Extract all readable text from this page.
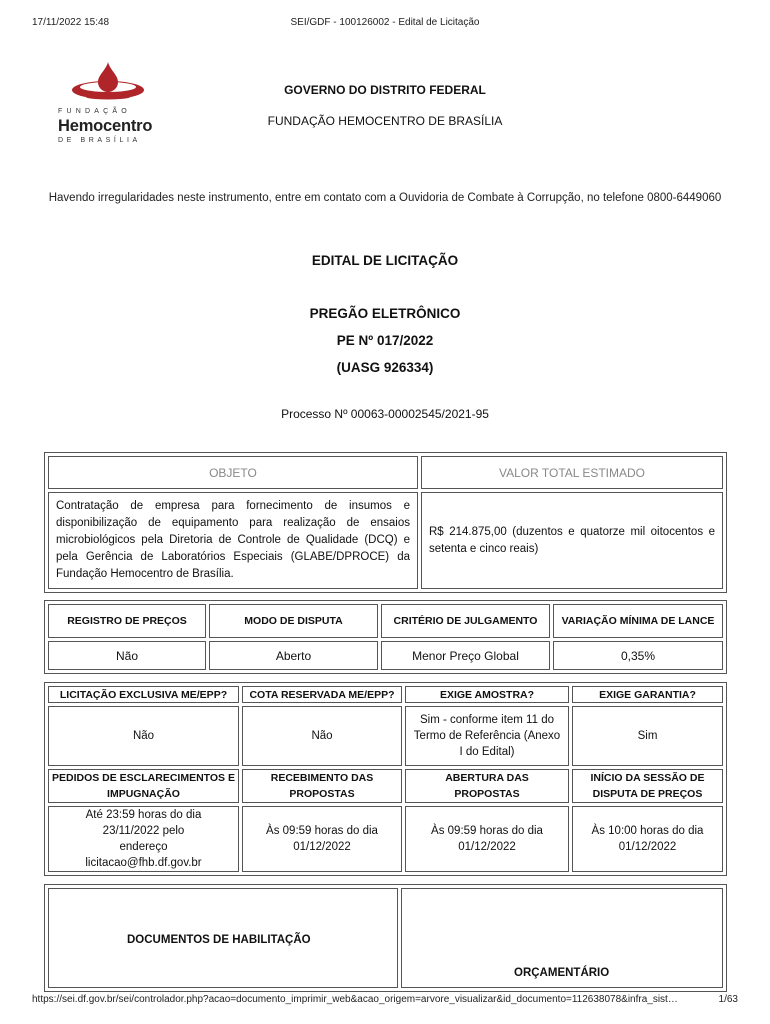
17/11/2022 15:48	SEI/GDF - 100126002 - Edital de Licitação
FUNDAÇÃO
Hemocentro
DE BRASÍLIA
GOVERNO DO DISTRITO FEDERAL
FUNDAÇÃO HEMOCENTRO DE BRASÍLIA
Havendo irregularidades neste instrumento, entre em contato com a Ouvidoria de Combate à Corrupção, no telefone 0800-6449060
EDITAL DE LICITAÇÃO
PREGÃO ELETRÔNICO
PE Nº 017/2022
(UASG 926334)
Processo Nº 00063-00002545/2021-95
OBJETO	VALOR TOTAL ESTIMADO
Contratação de empresa para fornecimento de insumos e disponibilização de equipamento para realização de ensaios microbiológicos pela Diretoria de Controle de Qualidade (DCQ) e pela Gerência de Laboratórios Especiais (GLABE/DPROCE) da Fundação Hemocentro de Brasília.	R$ 214.875,00 (duzentos e quatorze mil oitocentos e setenta e cinco reais)
REGISTRO DE PREÇOS	MODO DE DISPUTA	CRITÉRIO DE JULGAMENTO	VARIAÇÃO MÍNIMA DE LANCE
Não	Aberto	Menor Preço Global	0,35%
LICITAÇÃO EXCLUSIVA ME/EPP?	COTA RESERVADA ME/EPP?	EXIGE AMOSTRA?	EXIGE GARANTIA?
Não	Não	Sim - conforme item 11 do Termo de Referência (Anexo I do Edital)	Sim
PEDIDOS DE ESCLARECIMENTOS E IMPUGNAÇÃO	RECEBIMENTO DAS PROPOSTAS	ABERTURA DAS PROPOSTAS	INÍCIO DA SESSÃO DE DISPUTA DE PREÇOS
Até 23:59 horas do dia 23/11/2022 pelo endereço licitacao@fhb.df.gov.br	Às 09:59 horas do dia 01/12/2022	Às 09:59 horas do dia 01/12/2022	Às 10:00 horas do dia 01/12/2022
DOCUMENTOS DE HABILITAÇÃO

ORÇAMENTÁRIO
https://sei.df.gov.br/sei/controlador.php?acao=documento_imprimir_web&acao_origem=arvore_visualizar&id_documento=112638078&infra_sist…	1/63
